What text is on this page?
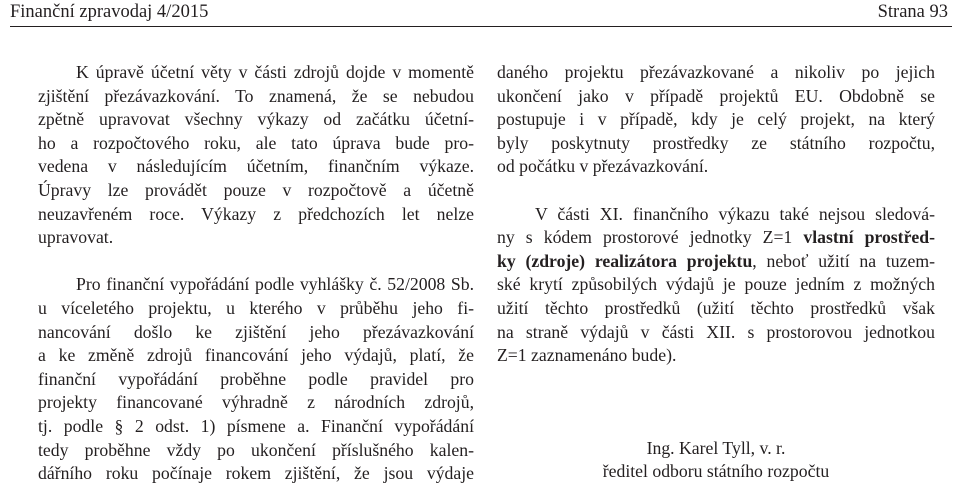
Finanční zpravodaj 4/2015	Strana 93
K úpravě účetní věty v části zdrojů dojde v momentě
zjištění přezávazkování. To znamená, že se nebudou
zpětně upravovat všechny výkazy od začátku účetní-
ho a rozpočtového roku, ale tato úprava bude pro-
vedena v následujícím účetním, finančním výkaze.
Úpravy lze provádět pouze v rozpočtově a účetně
neuzavřeném roce. Výkazy z předchozích let nelze
upravovat.
Pro finanční vypořádání podle vyhlášky č. 52/2008 Sb.
u víceletého projektu, u kterého v průběhu jeho fi-
nancování došlo ke zjištění jeho přezávazkování
a ke změně zdrojů financování jeho výdajů, platí, že
finanční vypořádání proběhne podle pravidel pro
projekty financované výhradně z národních zdrojů,
tj. podle § 2 odst. 1) písmene a. Finanční vypořádání
tedy proběhne vždy po ukončení příslušného kalen-
dářního roku počínaje rokem zjištění, že jsou výdaje
daného projektu přezávazkované a nikoliv po jejich
ukončení jako v případě projektů EU. Obdobně se
postupuje i v případě, kdy je celý projekt, na který
byly poskytnuty prostředky ze státního rozpočtu,
od počátku v přezávazkování.
V části XI. finančního výkazu také nejsou sledová-
ny s kódem prostorové jednotky Z=1 vlastní prostřed-
ky (zdroje) realizátora projektu, neboť užití na tuzem-
ské krytí způsobilých výdajů je pouze jedním z možných
užití těchto prostředků (užití těchto prostředků však
na straně výdajů v části XII. s prostorovou jednotkou
Z=1 zaznamenáno bude).
Ing. Karel Tyll, v. r.
ředitel odboru státního rozpočtu
